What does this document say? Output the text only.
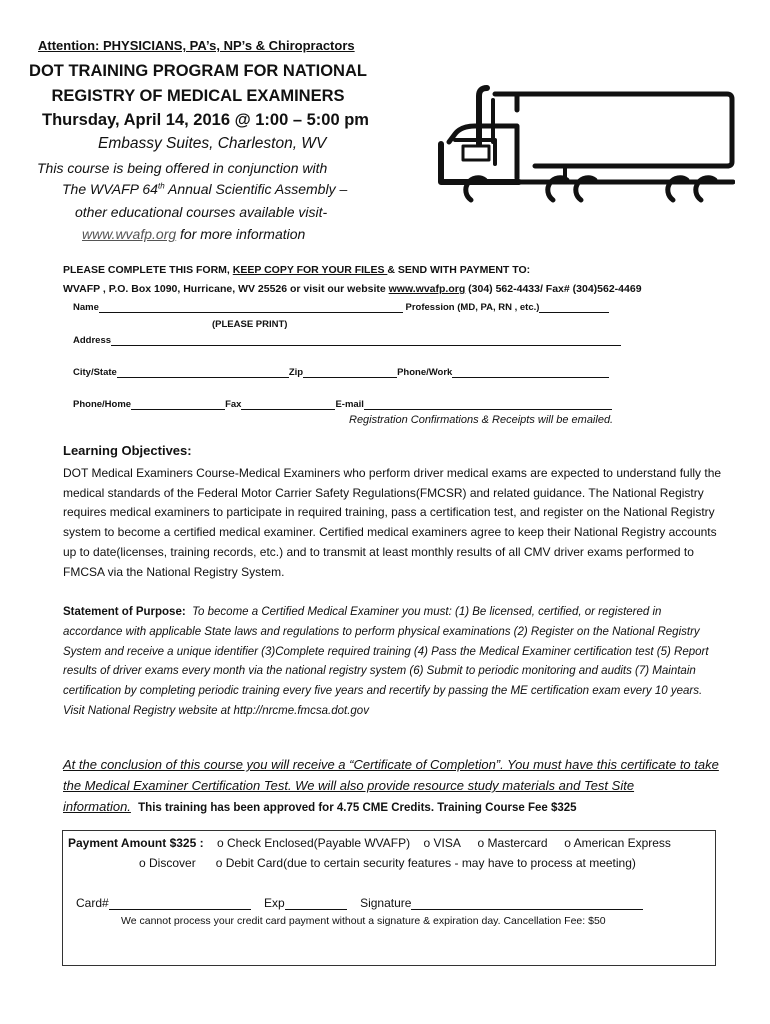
Attention: PHYSICIANS, PA’s, NP’s & Chiropractors
DOT TRAINING PROGRAM FOR NATIONAL
REGISTRY OF MEDICAL EXAMINERS
Thursday, April 14, 2016 @ 1:00 – 5:00 pm
Embassy Suites, Charleston, WV
This course is being offered in conjunction with
The WVAFP 64th Annual Scientific Assembly –
other educational courses available visit-
www.wvafp.org for more information
PLEASE COMPLETE THIS FORM, KEEP COPY FOR YOUR FILES & SEND WITH PAYMENT TO:
WVAFP , P.O. Box 1090, Hurricane, WV 25526 or visit our website www.wvafp.org (304) 562-4433/ Fax# (304)562-4469
Name	Profession (MD, PA, RN , etc.)
(PLEASE PRINT)
Address
City/State	Zip	Phone/Work
Phone/Home	Fax	E-mail
Registration Confirmations & Receipts will be emailed.
Learning Objectives:
DOT Medical Examiners Course-Medical Examiners who perform driver medical exams are expected to understand fully the medical standards of the Federal Motor Carrier Safety Regulations(FMCSR) and related guidance. The National Registry requires medical examiners to participate in required training, pass a certification test, and register on the National Registry system to become a certified medical examiner. Certified medical examiners agree to keep their National Registry accounts up to date(licenses, training records, etc.) and to transmit at least monthly results of all CMV driver exams performed to FMCSA via the National Registry System.
Statement of Purpose: To become a Certified Medical Examiner you must: (1) Be licensed, certified, or registered in accordance with applicable State laws and regulations to perform physical examinations (2) Register on the National Registry System and receive a unique identifier (3)Complete required training (4) Pass the Medical Examiner certification test (5) Report results of driver exams every month via the national registry system (6) Submit to periodic monitoring and audits (7) Maintain certification by completing periodic training every five years and recertify by passing the ME certification exam every 10 years. Visit National Registry website at http://nrcme.fmcsa.dot.gov
At the conclusion of this course you will receive a “Certificate of Completion”. You must have this certificate to take the Medical Examiner Certification Test. We will also provide resource study materials and Test Site information. This training has been approved for 4.75 CME Credits. Training Course Fee $325
Payment Amount $325 : o Check Enclosed(Payable WVAFP) o VISA o Mastercard o American Express
o Discover o Debit Card(due to certain security features - may have to process at meeting)
Card#	Exp	Signature
We cannot process your credit card payment without a signature & expiration day. Cancellation Fee: $50
